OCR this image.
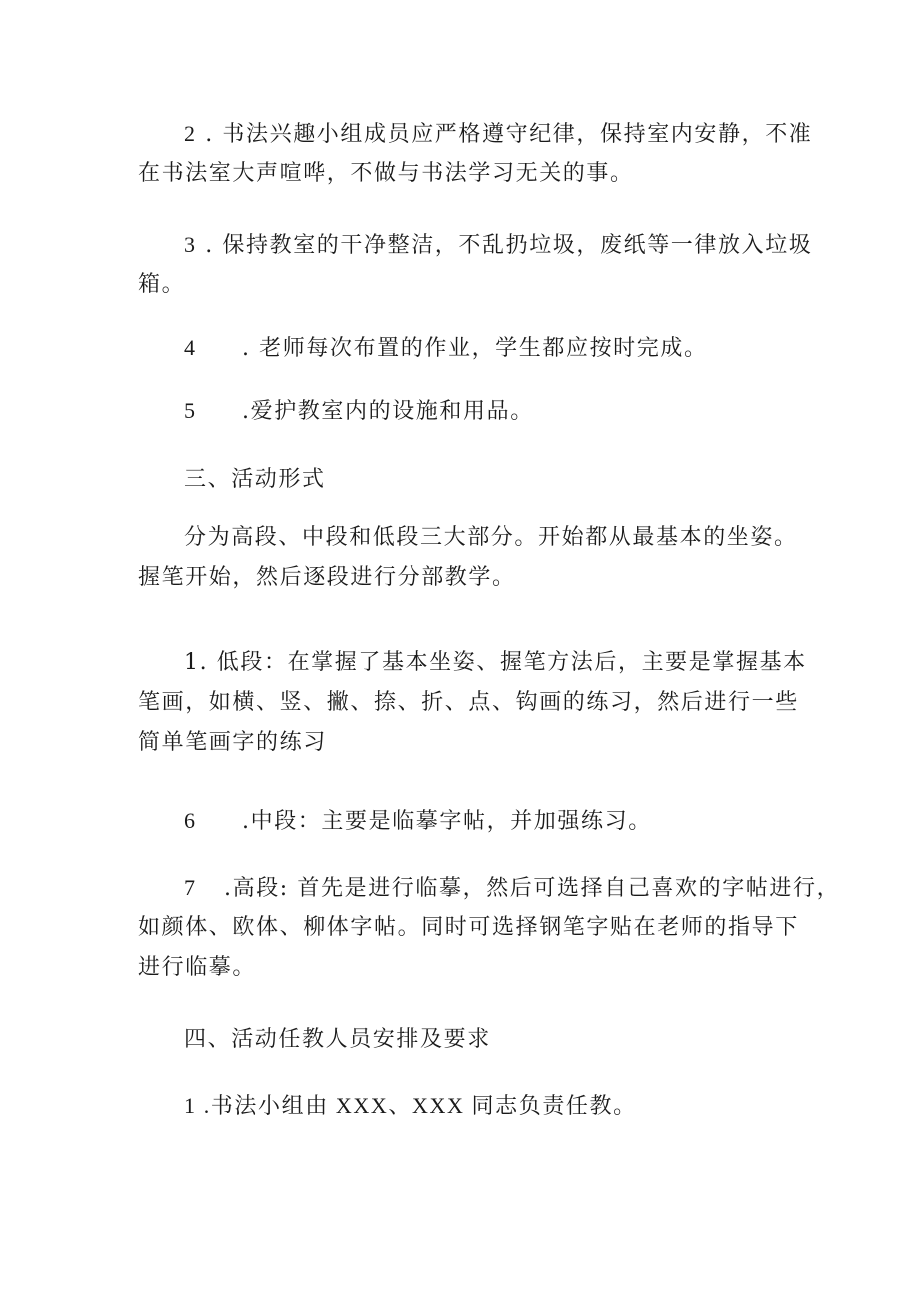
2 . 书法兴趣小组成员应严格遵守纪律，保持室内安静，不准
在书法室大声喧哗，不做与书法学习无关的事。
3 . 保持教室的干净整洁，不乱扔垃圾，废纸等一律放入垃圾
箱。
4 . 老师每次布置的作业，学生都应按时完成。
5 .爱护教室内的设施和用品。
三、活动形式
分为高段、中段和低段三大部分。开始都从最基本的坐姿。
握笔开始，然后逐段进行分部教学。
1. 低段：在掌握了基本坐姿、握笔方法后，主要是掌握基本
笔画，如横、竖、撇、捺、折、点、钩画的练习，然后进行一些
简单笔画字的练习
6 .中段：主要是临摹字帖，并加强练习。
7 .高段: 首先是进行临摹，然后可选择自己喜欢的字帖进行，
如颜体、欧体、柳体字帖。同时可选择钢笔字贴在老师的指导下
进行临摹。
四、活动任教人员安排及要求
1 .书法小组由 XXX、XXX 同志负责任教。
